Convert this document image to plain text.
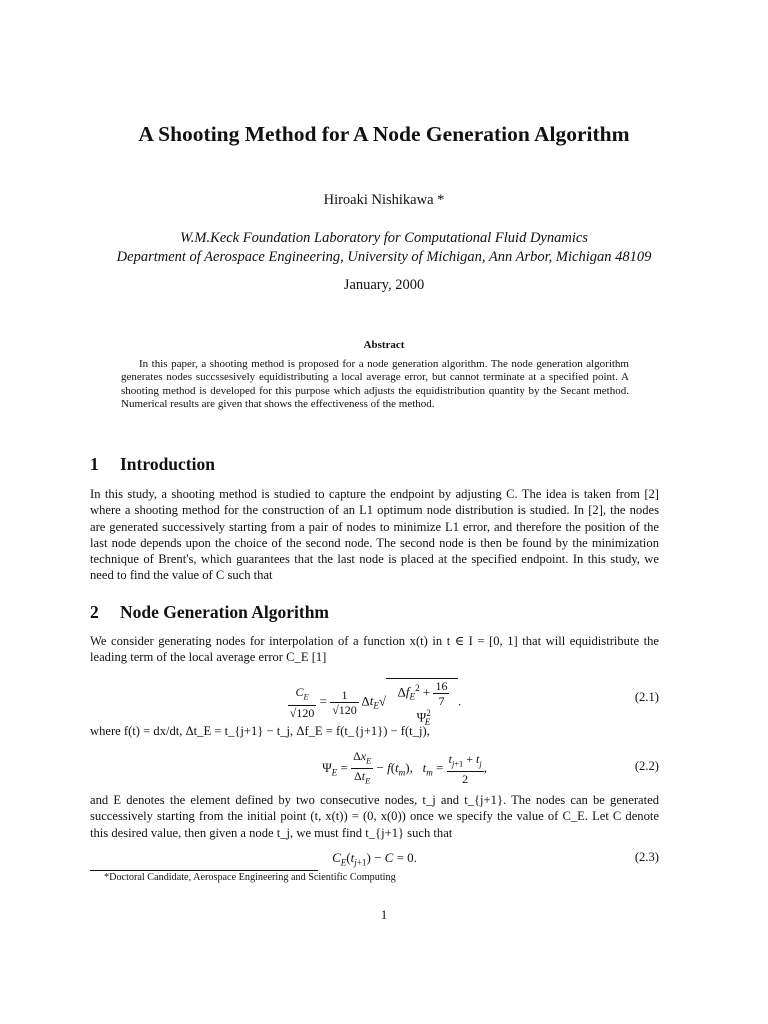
A Shooting Method for A Node Generation Algorithm
Hiroaki Nishikawa *
W.M.Keck Foundation Laboratory for Computational Fluid Dynamics
Department of Aerospace Engineering, University of Michigan, Ann Arbor, Michigan 48109
January, 2000
Abstract
In this paper, a shooting method is proposed for a node generation algorithm. The node generation algorithm generates nodes succssesively equidistributing a local average error, but cannot terminate at a specified point. A shooting method is developed for this purpose which adjusts the equidistribution quantity by the Secant method. Numerical results are given that shows the effectiveness of the method.
1 Introduction
In this study, a shooting method is studied to capture the endpoint by adjusting C. The idea is taken from [2] where a shooting method for the construction of an L1 optimum node distribution is studied. In [2], the nodes are generated successively starting from a pair of nodes to minimize L1 error, and therefore the position of the last node depends upon the choice of the second node. The second node is then be found by the minimization technique of Brent's, which guarantees that the last node is placed at the specified endpoint. In this study, we need to find the value of C such that
2 Node Generation Algorithm
We consider generating nodes for interpolation of a function x(t) in t ∈ I = [0, 1] that will equidistribute the leading term of the local average error C_E [1]
$\frac{C_E}{√120} = \frac{1}{√120} \Delta t_E√\Delta f_E^2 + \frac{16}{7}$
$\Psi^2_E$.	(2.1)
where f(t) = dx/dt, Δt_E = t_{j+1} − t_j, Δf_E = f(t_{j+1}) − f(t_j),
$\Psi_E = \frac{\Delta x_E}{\Delta t_E} - f(t_m)$,   $t_m = \frac{t_{j+1} + t_j}{2}$ ,	(2.2)
and E denotes the element defined by two consecutive nodes, t_j and t_{j+1}. The nodes can be generated successively starting from the initial point (t, x(t)) = (0, x(0)) once we specify the value of C_E. Let C denote this desired value, then given a node t_j, we must find t_{j+1} such that
$C_E(t_{j+1}) - C = 0$.	(2.3)
*Doctoral Candidate, Aerospace Engineering and Scientific Computing
1
